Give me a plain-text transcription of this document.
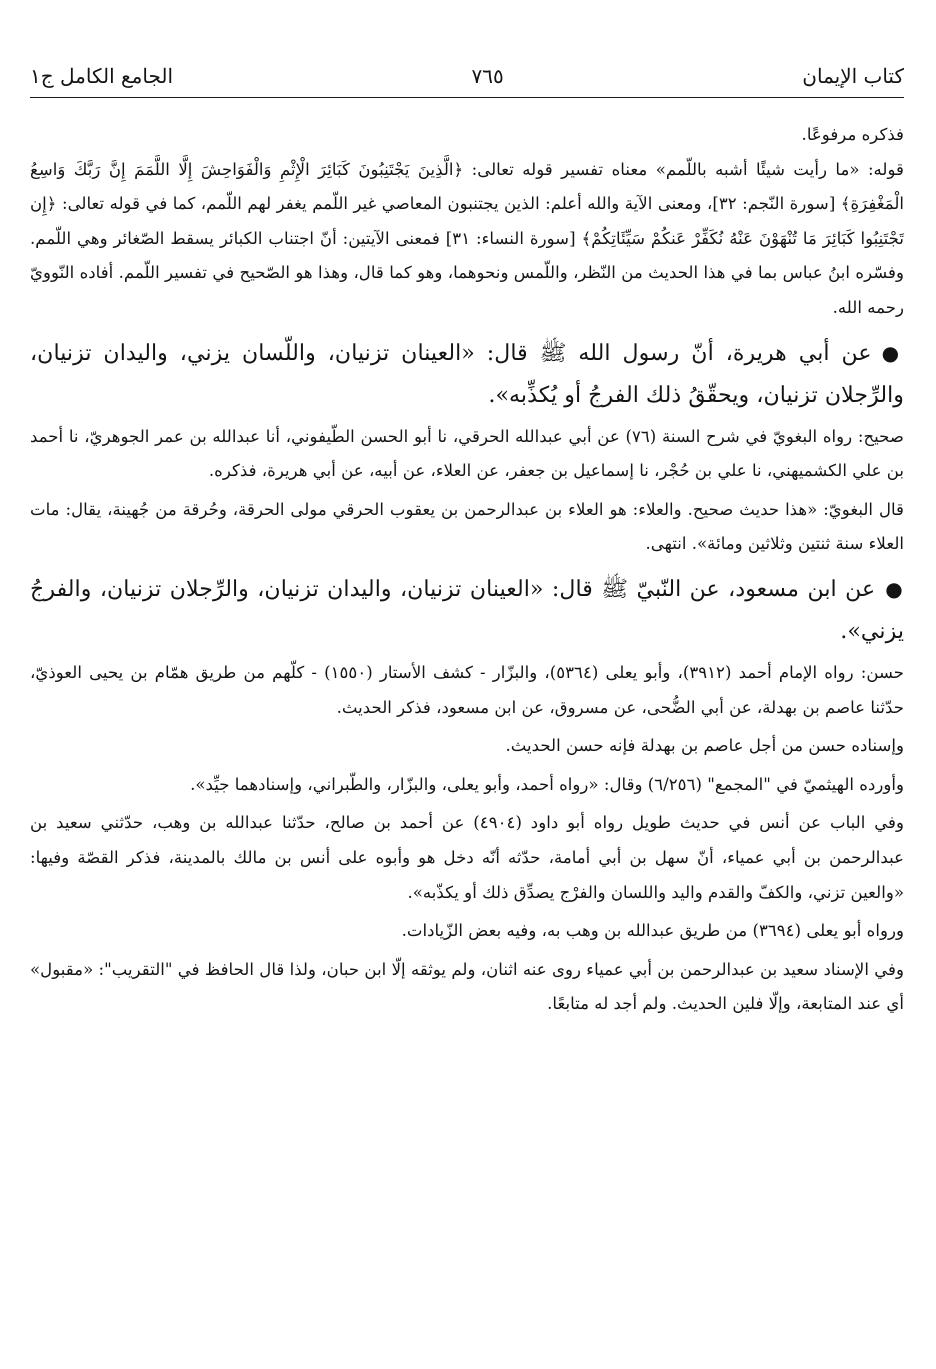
كتاب الإيمان
٧٦٥
الجامع الكامل ج١

فذكره مرفوعًا.

قوله: «ما رأيت شيئًا أشبه باللّمم» معناه تفسير قوله تعالى: ﴿الَّذِينَ يَجْتَنِبُونَ كَبَائِرَ الْإِثْمِ وَالْفَوَاحِشَ إِلَّا اللَّمَمَ إِنَّ رَبَّكَ وَاسِعُ الْمَغْفِرَةِ﴾ [سورة النّجم: ٣٢]، ومعنى الآية والله أعلم: الذين يجتنبون المعاصي غير اللّمم يغفر لهم اللّمم، كما في قوله تعالى: ﴿إِن تَجْتَنِبُوا كَبَائِرَ مَا تُنْهَوْنَ عَنْهُ نُكَفِّرْ عَنكُمْ سَيِّئَاتِكُمْ﴾ [سورة النساء: ٣١] فمعنى الآيتين: أنّ اجتناب الكبائر يسقط الصّغائر وهي اللّمم. وفسّره ابنُ عباس بما في هذا الحديث من النّظر، واللّمس ونحوهما، وهو كما قال، وهذا هو الصّحيح في تفسير اللّمم. أفاده النّوويّ رحمه الله.

●عن أبي هريرة، أنّ رسول الله ﷺ قال: «العينان تزنيان، واللّسان يزني، واليدان تزنيان، والرِّجلان تزنيان، ويحقّقُ ذلك الفرجُ أو يُكذِّبه».

صحيح: رواه البغويّ في شرح السنة (٧٦) عن أبي عبدالله الحرقي، نا أبو الحسن الطّيفوني، أنا عبدالله بن عمر الجوهريّ، نا أحمد بن علي الكشميهني، نا علي بن حُجْر، نا إسماعيل بن جعفر، عن العلاء، عن أبيه، عن أبي هريرة، فذكره.

قال البغويّ: «هذا حديث صحيح. والعلاء: هو العلاء بن عبدالرحمن بن يعقوب الحرقي مولى الحرقة، وحُرقة من جُهينة، يقال: مات العلاء سنة ثنتين وثلاثين ومائة». انتهى.

●عن ابن مسعود، عن النّبيّ ﷺ قال: «العينان تزنيان، واليدان تزنيان، والرِّجلان تزنيان، والفرجُ يزني».

حسن: رواه الإمام أحمد (٣٩١٢)، وأبو يعلى (٥٣٦٤)، والبزّار - كشف الأستار (١٥٥٠) - كلّهم من طريق همّام بن يحيى العوذيّ، حدّثنا عاصم بن بهدلة، عن أبي الضُّحى، عن مسروق، عن ابن مسعود، فذكر الحديث.

وإسناده حسن من أجل عاصم بن بهدلة فإنه حسن الحديث.

وأورده الهيثميّ في "المجمع" (٦/٢٥٦) وقال: «رواه أحمد، وأبو يعلى، والبزّار، والطّبراني، وإسنادهما جيِّد».

وفي الباب عن أنس في حديث طويل رواه أبو داود (٤٩٠٤) عن أحمد بن صالح، حدّثنا عبدالله بن وهب، حدّثني سعيد بن عبدالرحمن بن أبي عمياء، أنّ سهل بن أبي أمامة، حدّثه أنّه دخل هو وأبوه على أنس بن مالك بالمدينة، فذكر القصّة وفيها: «والعين تزني، والكفّ والقدم واليد واللسان والفرْج يصدِّق ذلك أو يكذّبه».

ورواه أبو يعلى (٣٦٩٤) من طريق عبدالله بن وهب به، وفيه بعض الزّيادات.

وفي الإسناد سعيد بن عبدالرحمن بن أبي عمياء روى عنه اثنان، ولم يوثقه إلّا ابن حبان، ولذا قال الحافظ في "التقريب": «مقبول» أي عند المتابعة، وإلّا فلين الحديث. ولم أجد له متابعًا.
